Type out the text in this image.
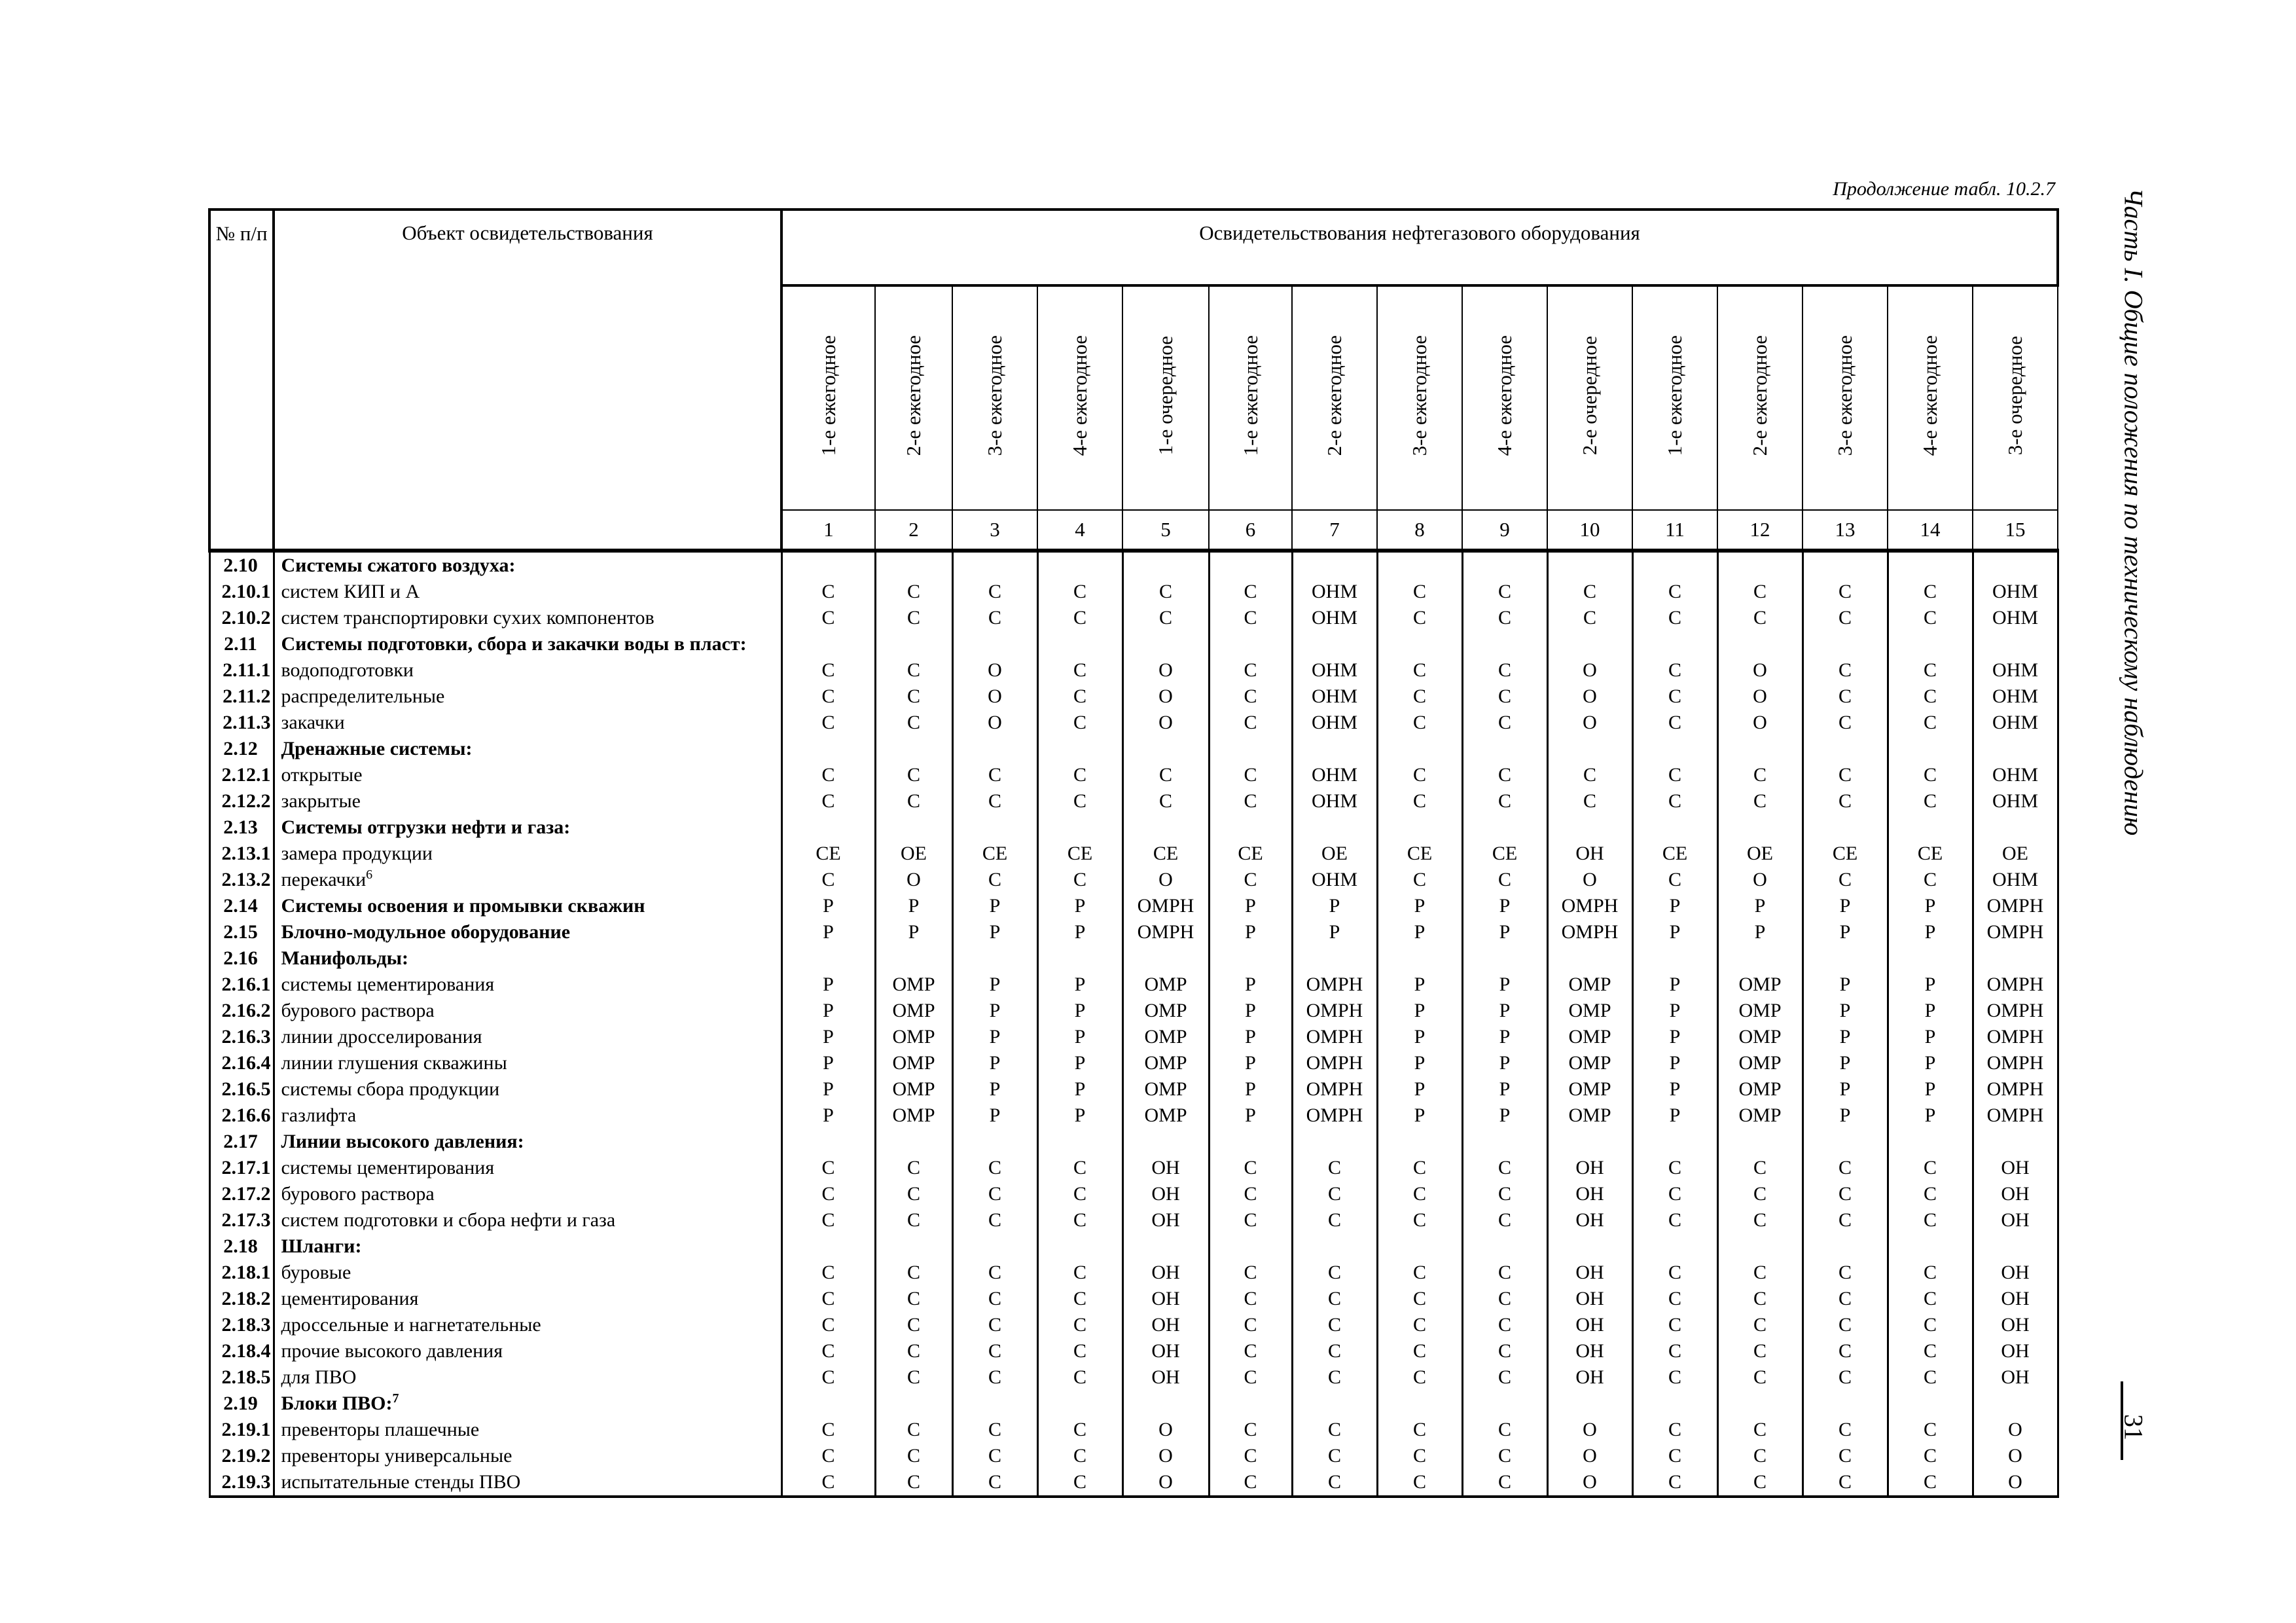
Продолжение табл. 10.2.7
№ п/п	Объект освидетельствования	Освидетельствования нефтегазового оборудования														
		1-е ежегодное	2-е ежегодное	3-е ежегодное	4-е ежегодное	1-е очередное	1-е ежегодное	2-е ежегодное	3-е ежегодное	4-е ежегодное	2-е очередное	1-е ежегодное	2-е ежегодное	3-е ежегодное	4-е ежегодное	3-е очередное
		1	2	3	4	5	6	7	8	9	10	11	12	13	14	15
2.10	Системы сжатого воздуха:															
2.10.1	систем КИП и А	С	С	С	С	С	С	ОНМ	С	С	С	С	С	С	С	ОНМ
2.10.2	систем транспортировки сухих компонентов	С	С	С	С	С	С	ОНМ	С	С	С	С	С	С	С	ОНМ
2.11	Системы подготовки, сбора и закачки воды в пласт:															
2.11.1	водоподготовки	С	С	О	С	О	С	ОНМ	С	С	О	С	О	С	С	ОНМ
2.11.2	распределительные	С	С	О	С	О	С	ОНМ	С	С	О	С	О	С	С	ОНМ
2.11.3	закачки	С	С	О	С	О	С	ОНМ	С	С	О	С	О	С	С	ОНМ
2.12	Дренажные системы:															
2.12.1	открытые	С	С	С	С	С	С	ОНМ	С	С	С	С	С	С	С	ОНМ
2.12.2	закрытые	С	С	С	С	С	С	ОНМ	С	С	С	С	С	С	С	ОНМ
2.13	Системы отгрузки нефти и газа:															
2.13.1	замера продукции	СЕ	ОЕ	СЕ	СЕ	СЕ	СЕ	ОЕ	СЕ	СЕ	ОН	СЕ	ОЕ	СЕ	СЕ	ОЕ
2.13.2	перекачки$^6$	С	О	С	С	О	С	ОНМ	С	С	О	С	О	С	С	ОНМ
2.14	Системы освоения и промывки скважин	Р	Р	Р	Р	ОМРН	Р	Р	Р	Р	ОМРН	Р	Р	Р	Р	ОМРН
2.15	Блочно-модульное оборудование	Р	Р	Р	Р	ОМРН	Р	Р	Р	Р	ОМРН	Р	Р	Р	Р	ОМРН
2.16	Манифольды:															
2.16.1	системы цементирования	Р	ОМР	Р	Р	ОМР	Р	ОМРН	Р	Р	ОМР	Р	ОМР	Р	Р	ОМРН
2.16.2	бурового раствора	Р	ОМР	Р	Р	ОМР	Р	ОМРН	Р	Р	ОМР	Р	ОМР	Р	Р	ОМРН
2.16.3	линии дросселирования	Р	ОМР	Р	Р	ОМР	Р	ОМРН	Р	Р	ОМР	Р	ОМР	Р	Р	ОМРН
2.16.4	линии глушения скважины	Р	ОМР	Р	Р	ОМР	Р	ОМРН	Р	Р	ОМР	Р	ОМР	Р	Р	ОМРН
2.16.5	системы сбора продукции	Р	ОМР	Р	Р	ОМР	Р	ОМРН	Р	Р	ОМР	Р	ОМР	Р	Р	ОМРН
2.16.6	газлифта	Р	ОМР	Р	Р	ОМР	Р	ОМРН	Р	Р	ОМР	Р	ОМР	Р	Р	ОМРН
2.17	Линии высокого давления:															
2.17.1	системы цементирования	С	С	С	С	ОН	С	С	С	С	ОН	С	С	С	С	ОН
2.17.2	бурового раствора	С	С	С	С	ОН	С	С	С	С	ОН	С	С	С	С	ОН
2.17.3	систем подготовки и сбора нефти и газа	С	С	С	С	ОН	С	С	С	С	ОН	С	С	С	С	ОН
2.18	Шланги:															
2.18.1	буровые	С	С	С	С	ОН	С	С	С	С	ОН	С	С	С	С	ОН
2.18.2	цементирования	С	С	С	С	ОН	С	С	С	С	ОН	С	С	С	С	ОН
2.18.3	дроссельные и нагнетательные	С	С	С	С	ОН	С	С	С	С	ОН	С	С	С	С	ОН
2.18.4	прочие высокого давления	С	С	С	С	ОН	С	С	С	С	ОН	С	С	С	С	ОН
2.18.5	для ПВО	С	С	С	С	ОН	С	С	С	С	ОН	С	С	С	С	ОН
2.19	Блоки ПВО:$^7$															
2.19.1	превенторы плашечные	С	С	С	С	О	С	С	С	С	О	С	С	С	С	О
2.19.2	превенторы универсальные	С	С	С	С	О	С	С	С	С	О	С	С	С	С	О
2.19.3	испытательные стенды ПВО	С	С	С	С	О	С	С	С	С	О	С	С	С	С	О
Часть I. Общие положения по техническому наблюдению
31
